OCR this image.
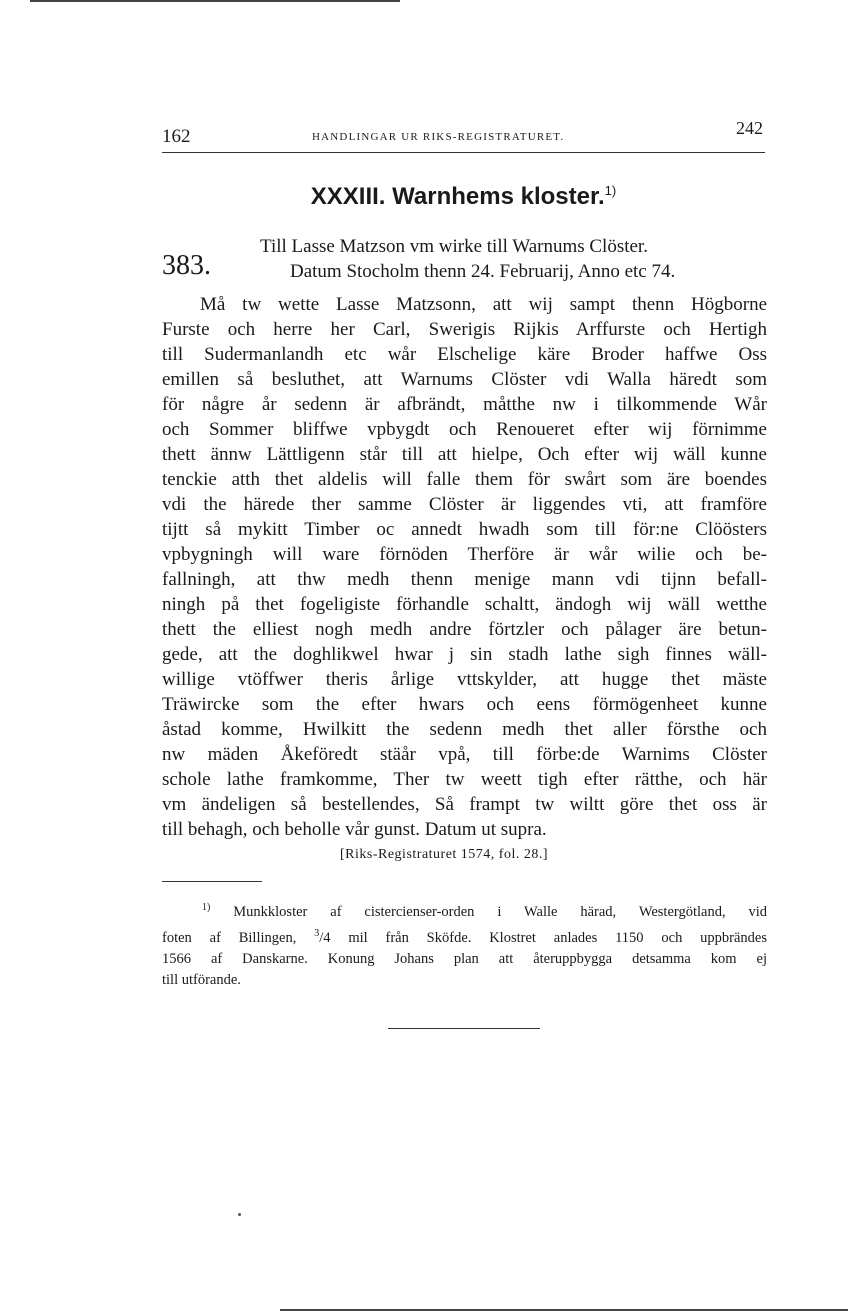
162	HANDLINGAR UR RIKS-REGISTRATURET.	242
XXXIII. Warnhems kloster.$^{1)}$
383.
Till Lasse Matzson vm wirke till Warnums Clöster.
Datum Stocholm thenn 24. Februarij, Anno etc 74.
Må tw wette Lasse Matzsonn, att wij sampt thenn Högborne
Furste och herre her Carl, Swerigis Rijkis Arffurste och Hertigh
till Sudermanlandh etc wår Elschelige käre Broder haffwe Oss
emillen så besluthet, att Warnums Clöster vdi Walla häredt som
för någre år sedenn är afbrändt, måtthe nw i tilkommende Wår
och Sommer bliffwe vpbygdt och Renoueret efter wij förnimme
thett ännw Lättligenn står till att hielpe, Och efter wij wäll kunne
tenckie atth thet aldelis will falle them för swårt som äre boendes
vdi the härede ther samme Clöster är liggendes vti, att framföre
tijtt så mykitt Timber oc annedt hwadh som till för:ne Clöösters
vpbygningh will ware förnöden Therföre är wår wilie och be-
fallningh, att thw medh thenn menige mann vdi tijnn befall-
ningh på thet fogeligiste förhandle schaltt, ändogh wij wäll wetthe
thett the elliest nogh medh andre förtzler och pålager äre betun-
gede, att the doghlikwel hwar j sin stadh lathe sigh finnes wäll-
willige vtöffwer theris årlige vttskylder, att hugge thet mäste
Träwircke som the efter hwars och eens förmögenheet kunne
åstad komme, Hwilkitt the sedenn medh thet aller försthe och
nw mäden Åkeföredt stäår vpå, till förbe:de Warnims Clöster
schole lathe framkomme, Ther tw weett tigh efter rätthe, och här
vm ändeligen så bestellendes, Så frampt tw wiltt göre thet oss är
till behagh, och beholle vår gunst. Datum ut supra.
[Riks-Registraturet 1574, fol. 28.]
$^{1)}$ Munkkloster af cistercienser-orden i Walle härad, Westergötland, vid
foten af Billingen, $^3$/4 mil från Sköfde. Klostret anlades 1150 och uppbrändes
1566 af Danskarne. Konung Johans plan att återuppbygga detsamma kom ej
till utförande.
